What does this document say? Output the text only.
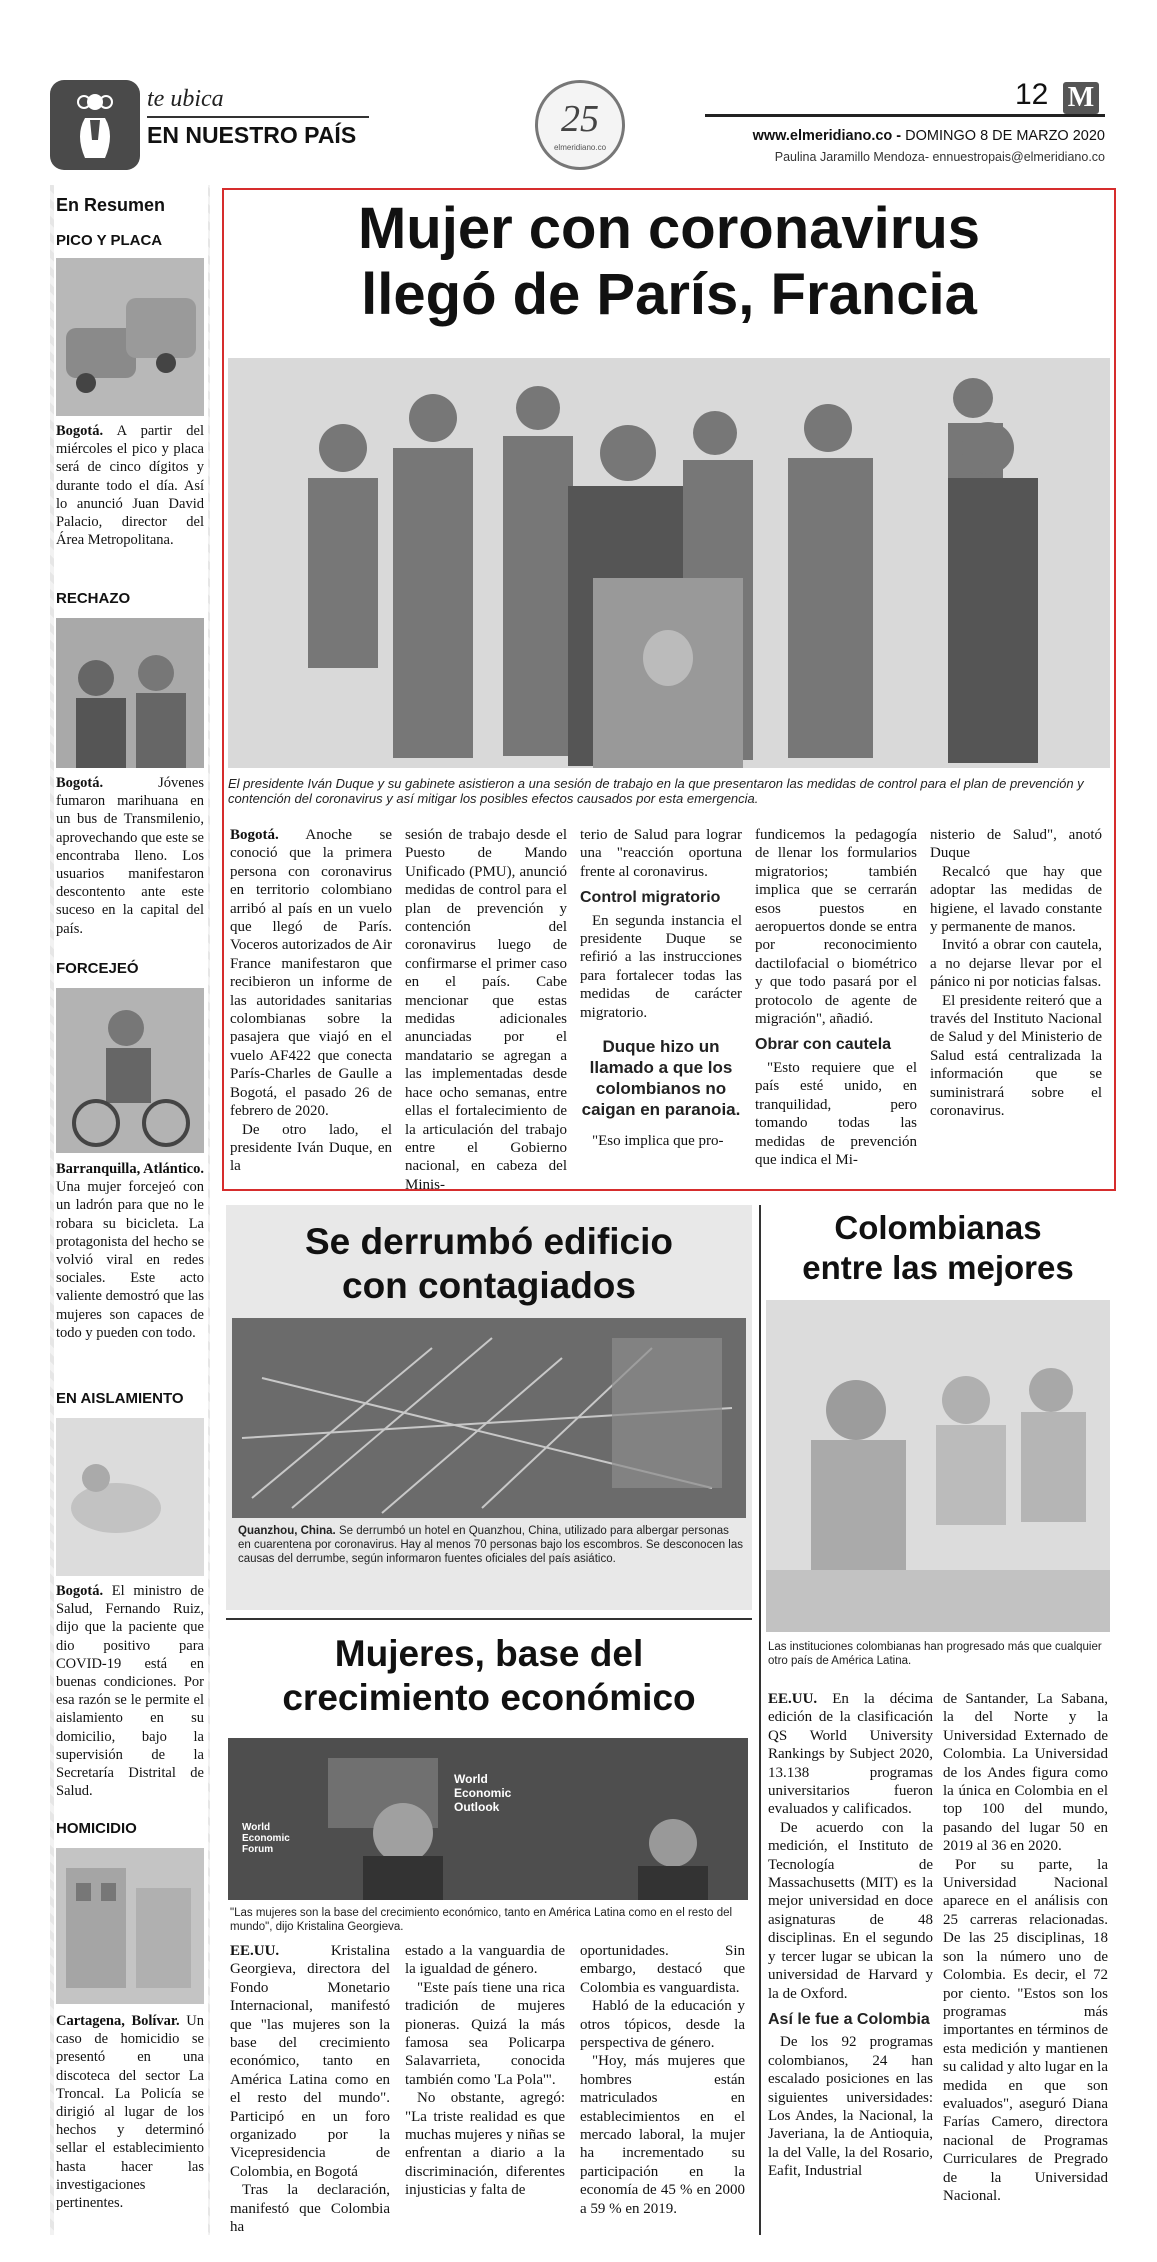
te ubica
EN NUESTRO PAÍS	25
elmeridiano.co
12 M
www.elmeridiano.co - DOMINGO 8 DE MARZO 2020
Paulina Jaramillo Mendoza- ennuestropais@elmeridiano.co
En Resumen
PICO Y PLACA
Bogotá. A partir del miércoles el pico y placa será de cinco dígitos y durante todo el día. Así lo anunció Juan David Palacio, director del Área Metropolitana.
RECHAZO
Bogotá.	Jóvenes fumaron marihuana en un bus de Transmilenio, aprovechando que este se encontraba lleno. Los usuarios manifestaron descontento ante este suceso en la capital del país.
FORCEJEÓ
Barranquilla, Atlántico. Una mujer forcejeó con un ladrón para que no le robara su bicicleta. La protagonista del hecho se volvió viral en redes sociales. Este acto valiente demostró que las mujeres son capaces de todo y pueden con todo.
EN AISLAMIENTO
Bogotá. El ministro de Salud, Fernando Ruiz, dijo que la paciente que dio positivo para COVID-19 está en buenas condiciones. Por esa razón se le permite el aislamiento en su domicilio, bajo la supervisión de la Secretaría Distrital de Salud.
HOMICIDIO
Cartagena, Bolívar. Un caso de homicidio se presentó en una discoteca del sector La Troncal. La Policía se dirigió al lugar de los hechos y determinó sellar el establecimiento hasta hacer las investigaciones pertinentes.
Mujer con coronavirus
llegó de París, Francia
El presidente Iván Duque y su gabinete asistieron a una sesión de trabajo en la que presentaron las medidas de control para el plan de prevención y contención del coronavirus y así mitigar los posibles efectos causados por esta emergencia.

Bogotá. Anoche se conoció que la primera persona con coronavirus en territorio colombiano arribó al país en un vuelo que llegó de París. Voceros autorizados de Air France manifestaron que recibieron un informe de las autoridades sanitarias colombianas sobre la pasajera que viajó en el vuelo AF422 que conecta París-Charles de Gaulle a Bogotá, el pasado 26 de febrero de 2020.

De otro lado, el presidente Iván Duque, en la

sesión de trabajo desde el Puesto de Mando Unificado (PMU), anunció medidas de control para el plan de prevención y contención del coronavirus luego de confirmarse el primer caso en el país. Cabe mencionar que estas medidas adicionales anunciadas por el mandatario se agregan a las implementadas desde hace ocho semanas, entre ellas el fortalecimiento de la articulación del trabajo entre el Gobierno nacional, en cabeza del Minis-

terio de Salud para lograr una "reacción oportuna frente al coronavirus.

Control migratorio

En segunda instancia el presidente Duque se refirió a las instrucciones para fortalecer todas las medidas de carácter migratorio.

Duque hizo un llamado a que los colombianos no caigan en paranoia.

"Eso implica que pro-

fundicemos la pedagogía de llenar los formularios migratorios; también implica que se cerrarán esos puestos en aeropuertos donde se entra por reconocimiento dactilofacial o biométrico y que todo pasará por el protocolo de agente de migración", añadió.

Obrar con cautela

"Esto requiere que el país esté unido, en tranquilidad, pero tomando todas las medidas de prevención que indica el Mi-

nisterio de Salud", anotó Duque

Recalcó que hay que adoptar las medidas de higiene, el lavado constante y permanente de manos.

Invitó a obrar con cautela, a no dejarse llevar por el pánico ni por noticias falsas.

El presidente reiteró que a través del Instituto Nacional de Salud y del Ministerio de Salud está centralizada la información que se suministrará sobre el coronavirus.

Se derrumbó edificio
con contagiados
Quanzhou, China. Se derrumbó un hotel en Quanzhou, China, utilizado para albergar personas en cuarentena por coronavirus. Hay al menos 70 personas bajo los escombros. Se desconocen las causas del derrumbe, según informaron fuentes oficiales del país asiático.
Mujeres, base del
crecimiento económico
World Economic Forum
World Economic Outlook
"Las mujeres son la base del crecimiento económico, tanto en América Latina como en el resto del mundo", dijo Kristalina Georgieva.

EE.UU.	Kristalina Georgieva, directora del Fondo Monetario Internacional, manifestó que "las mujeres son la base del crecimiento económico, tanto en América Latina como en el resto del mundo". Participó en un foro organizado por la Vicepresidencia de Colombia, en Bogotá

Tras la declaración, manifestó que Colombia ha

estado a la vanguardia de la igualdad de género.

"Este país tiene una rica tradición de mujeres pioneras. Quizá la más famosa sea Policarpa Salavarrieta, conocida también como 'La Pola'".

No obstante, agregó: "La triste realidad es que muchas mujeres y niñas se enfrentan a diario a la discriminación, diferentes injusticias y falta de

oportunidades. Sin embargo, destacó que Colombia es vanguardista.

Habló de la educación y otros tópicos, desde la perspectiva de género.

"Hoy, más mujeres que hombres están matriculados en establecimientos en el mercado laboral, la mujer ha incrementado su participación en la economía de 45 % en 2000 a 59 % en 2019.

Colombianas
entre las mejores
Las instituciones colombianas han progresado más que cualquier otro país de América Latina.

EE.UU. En la décima edición de la clasificación QS World University Rankings by Subject 2020, 13.138 programas universitarios fueron evaluados y calificados.

De acuerdo con la medición, el Instituto de Tecnología de Massachusetts (MIT) es la mejor universidad en doce asignaturas de 48 disciplinas. En el segundo y tercer lugar se ubican la universidad de Harvard y la de Oxford.

Así le fue a Colombia

De los 92 programas colombianos, 24 han escalado posiciones en las siguientes universidades: Los Andes, la Nacional, la Javeriana, la de Antioquia, la del Valle, la del Rosario, Eafit, Industrial

de Santander, La Sabana, la del Norte y la Universidad Externado de Colombia. La Universidad de los Andes figura como la única en Colombia en el top 100 del mundo, pasando del lugar 50 en 2019 al 36 en 2020.

Por su parte, la Universidad Nacional aparece en el análisis con 25 carreras relacionadas. De las 25 disciplinas, 18 son la número uno de Colombia. Es decir, el 72 por ciento. "Estos son los programas más importantes en términos de esta medición y mantienen su calidad y alto lugar en la medida en que son evaluados", aseguró Diana Farías Camero, directora nacional de Programas Curriculares de Pregrado de la Universidad Nacional.
